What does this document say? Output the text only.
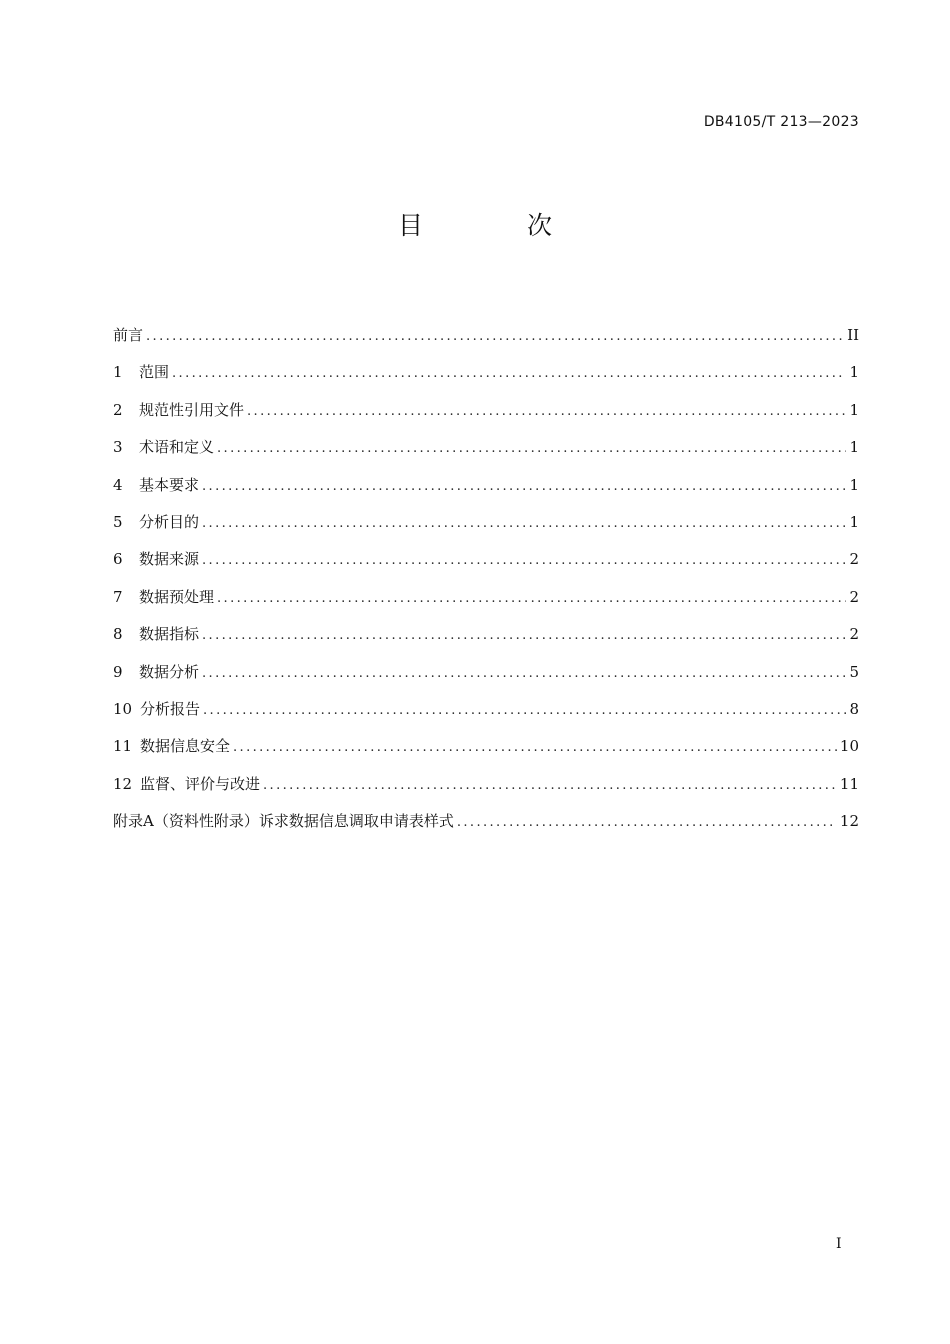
DB4105/T 213—2023
目 次
前言 .....	II
1	范围 .....	1
2	规范性引用文件 .....	1
3	术语和定义 .....	1
4	基本要求 .....	1
5	分析目的 .....	1
6	数据来源 .....	2
7	数据预处理 .....	2
8	数据指标 .....	2
9	数据分析 .....	5
10 分析报告 .....	8
11 数据信息安全 .....	10
12 监督、评价与改进 .....	11
附录A（资料性附录）诉求数据信息调取申请表样式 .....	12
I
